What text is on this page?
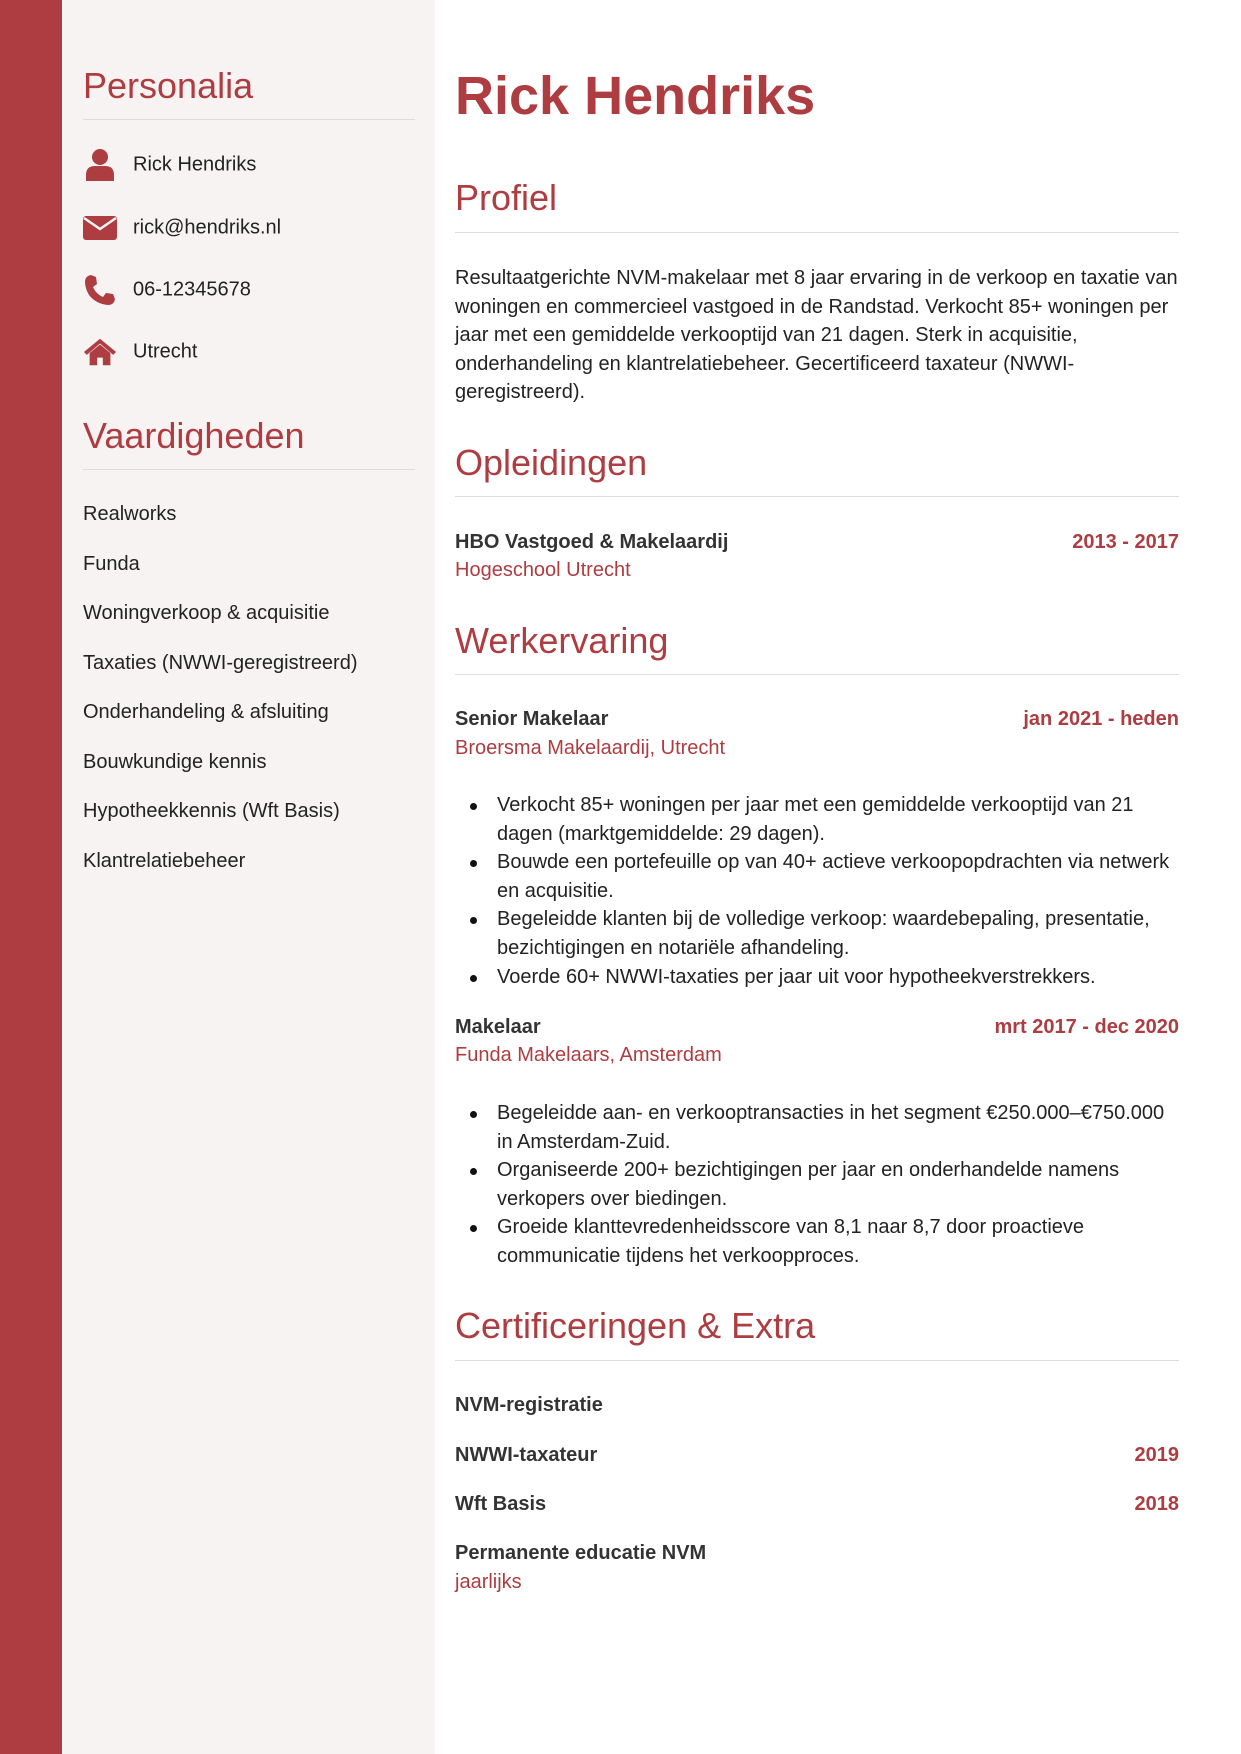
Personalia
Rick Hendriks
rick@hendriks.nl
06-12345678
Utrecht
Vaardigheden
Realworks
Funda
Woningverkoop & acquisitie
Taxaties (NWWI-geregistreerd)
Onderhandeling & afsluiting
Bouwkundige kennis
Hypotheekkennis (Wft Basis)
Klantrelatiebeheer
Rick Hendriks
Profiel

Resultaatgerichte NVM-makelaar met 8 jaar ervaring in de verkoop en taxatie van woningen en commercieel vastgoed in de Randstad. Verkocht 85+ woningen per jaar met een gemiddelde verkooptijd van 21 dagen. Sterk in acquisitie, onderhandeling en klantrelatiebeheer. Gecertificeerd taxateur (NWWI-geregistreerd).

Opleidingen
HBO Vastgoed & Makelaardij	2013 - 2017
Hogeschool Utrecht
Werkervaring
Senior Makelaar	jan 2021 - heden
Broersma Makelaardij, Utrecht
Verkocht 85+ woningen per jaar met een gemiddelde verkooptijd van 21 dagen (marktgemiddelde: 29 dagen).
Bouwde een portefeuille op van 40+ actieve verkoopopdrachten via netwerk en acquisitie.
Begeleidde klanten bij de volledige verkoop: waardebepaling, presentatie, bezichtigingen en notariële afhandeling.
Voerde 60+ NWWI-taxaties per jaar uit voor hypotheekverstrekkers.
Makelaar	mrt 2017 - dec 2020
Funda Makelaars, Amsterdam
Begeleidde aan- en verkooptransacties in het segment €250.000–€750.000 in Amsterdam-Zuid.
Organiseerde 200+ bezichtigingen per jaar en onderhandelde namens verkopers over biedingen.
Groeide klanttevredenheidsscore van 8,1 naar 8,7 door proactieve communicatie tijdens het verkoopproces.
Certificeringen & Extra
NVM-registratie
NWWI-taxateur	2019
Wft Basis	2018
Permanente educatie NVM
jaarlijks
